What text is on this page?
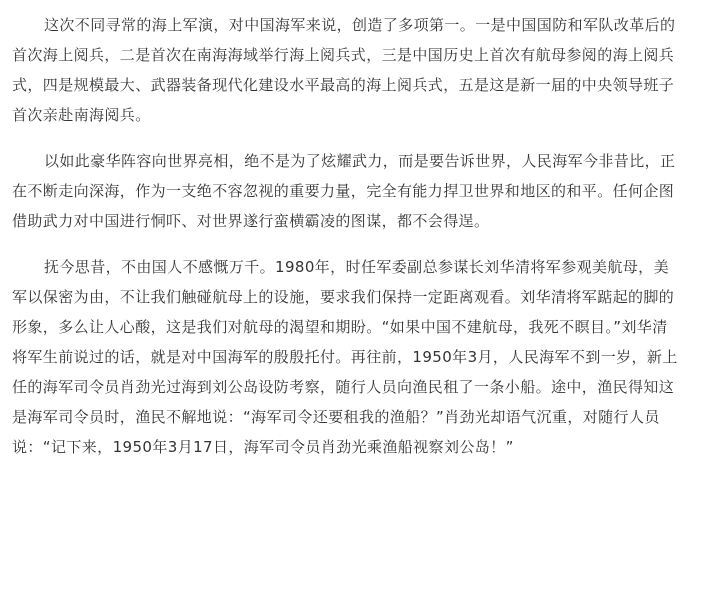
这次不同寻常的海上军演，对中国海军来说，创造了多项第一。一是中国国防和军队改革后的首次海上阅兵，二是首次在南海海域举行海上阅兵式，三是中国历史上首次有航母参阅的海上阅兵式，四是规模最大、武器装备现代化建设水平最高的海上阅兵式，五是这是新一届的中央领导班子首次亲赴南海阅兵。

以如此豪华阵容向世界亮相，绝不是为了炫耀武力，而是要告诉世界，人民海军今非昔比，正在不断走向深海，作为一支绝不容忽视的重要力量，完全有能力捍卫世界和地区的和平。任何企图借助武力对中国进行恫吓、对世界遂行蛮横霸凌的图谋，都不会得逞。

抚今思昔，不由国人不感慨万千。1980年，时任军委副总参谋长刘华清将军参观美航母，美军以保密为由，不让我们触碰航母上的设施，要求我们保持一定距离观看。刘华清将军踮起的脚的形象，多么让人心酸，这是我们对航母的渴望和期盼。“如果中国不建航母，我死不瞑目。”刘华清将军生前说过的话，就是对中国海军的殷殷托付。再往前，1950年3月，人民海军不到一岁，新上任的海军司令员肖劲光过海到刘公岛设防考察，随行人员向渔民租了一条小船。途中，渔民得知这是海军司令员时，渔民不解地说：“海军司令还要租我的渔船？”肖劲光却语气沉重，对随行人员说：“记下来，1950年3月17日，海军司令员肖劲光乘渔船视察刘公岛！”
